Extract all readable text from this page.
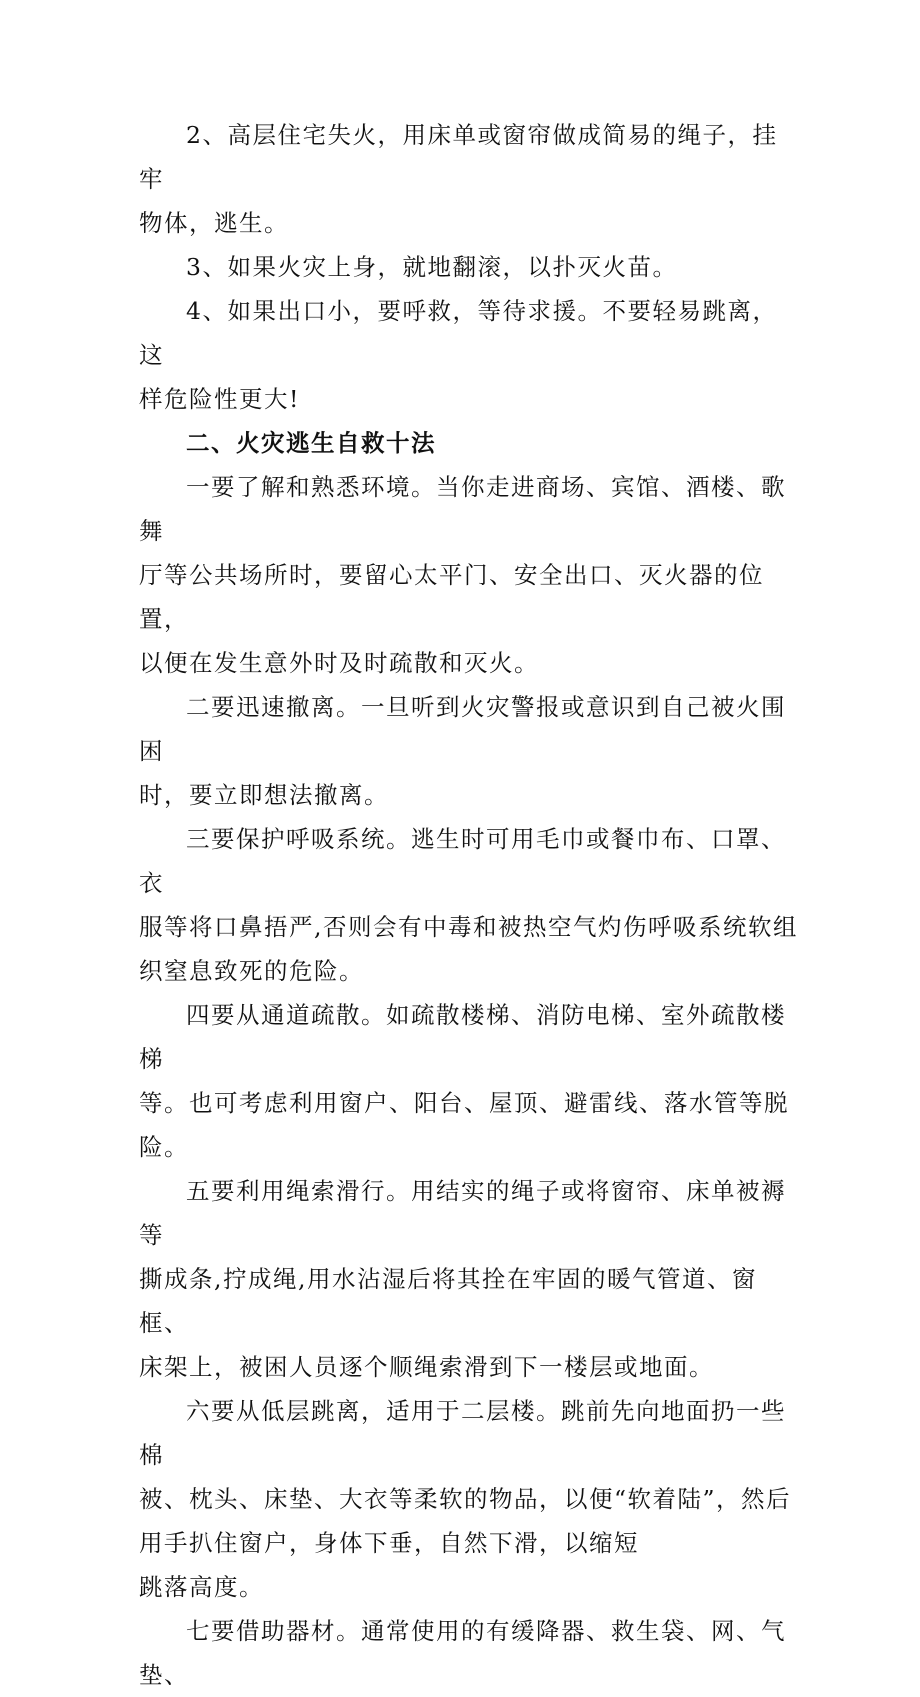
2、高层住宅失火，用床单或窗帘做成简易的绳子，挂牢
物体，逃生。
3、如果火灾上身，就地翻滚，以扑灭火苗。
4、如果出口小，要呼救，等待求援。不要轻易跳离，这
样危险性更大!
二、火灾逃生自救十法
一要了解和熟悉环境。当你走进商场、宾馆、酒楼、歌舞
厅等公共场所时，要留心太平门、安全出口、灭火器的位置，
以便在发生意外时及时疏散和灭火。
二要迅速撤离。一旦听到火灾警报或意识到自己被火围困
时，要立即想法撤离。
三要保护呼吸系统。逃生时可用毛巾或餐巾布、口罩、衣
服等将口鼻捂严,否则会有中毒和被热空气灼伤呼吸系统软组
织窒息致死的危险。
四要从通道疏散。如疏散楼梯、消防电梯、室外疏散楼梯
等。也可考虑利用窗户、阳台、屋顶、避雷线、落水管等脱险。
五要利用绳索滑行。用结实的绳子或将窗帘、床单被褥等
撕成条,拧成绳,用水沾湿后将其拴在牢固的暖气管道、窗框、
床架上，被困人员逐个顺绳索滑到下一楼层或地面。
六要从低层跳离，适用于二层楼。跳前先向地面扔一些棉
被、枕头、床垫、大衣等柔软的物品，以便“软着陆”，然后
用手扒住窗户，身体下垂，自然下滑，以缩短
跳落高度。
七要借助器材。通常使用的有缓降器、救生袋、网、气垫、
